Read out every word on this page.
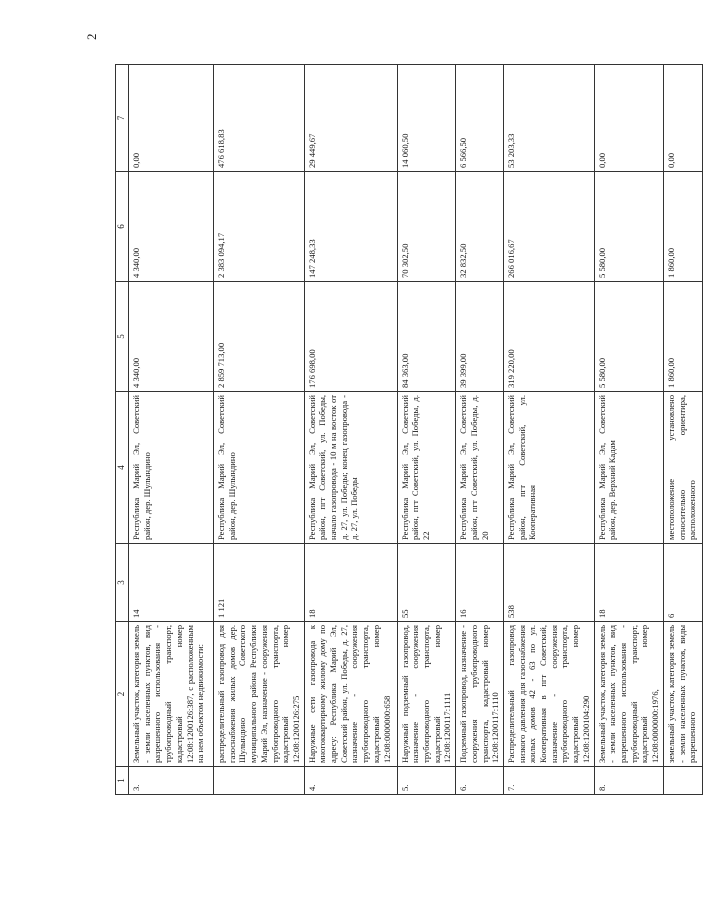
2
1	2	3	4	5	6	7
3.	Земельный участок, категория земель - земли населенных пунктов, вид разрешенного использования - трубопроводный транспорт, кадастровый номер 12:08:1200126:387, с расположенным на нем объектом недвижимости:	14	Республика Марий Эл, Советский район, дер. Шулындино	4 340,00	4 340,00	0,00
	распределительный газопровод для газоснабжения жилых домов дер. Шулындино Советского муниципального района Республики Марий Эл, назначение - сооружения трубопроводного транспорта, кадастровый номер 12:08:1200126:275	1 121	Республика Марий Эл, Советский район, дер. Шулындино	2 859 713,00	2 383 094,17	476 618,83
4.	Наружные сети газопровода к многоквартирному жилому дому по адресу: Республика Марий Эл, Советский район, ул. Победы, д. 27, назначение - сооружения трубопроводного транспорта, кадастровый номер 12:08:0000000:658	18	Республика Марий Эл, Советский район, пгт Советский, ул. Победы, начало газопровода - 10 м на восток от д. 27, ул. Победы; конец газопровода - д. 27, ул. Победы	176 698,00	147 248,33	29 449,67
5.	Наружный подземный газопровод, назначение - сооружения трубопроводного транспорта, кадастровый номер 12:08:1200117:1111	55	Республика Марий Эл, Советский район, пгт Советский, ул. Победы, д. 22	84 363,00	70 302,50	14 060,50
6.	Подземный газопровод, назначение - сооружения трубопроводного транспорта, кадастровый номер 12:08:1200117:1110	16	Республика Марий Эл, Советский район, пгт Советский, ул. Победы, д. 20	39 399,00	32 832,50	6 566,50
7.	Распределительный газопровод низкого давления для газоснабжения жилых домов 42 - 63 по ул. Кооперативная в пгт Советский, назначение - сооружения трубопроводного транспорта, кадастровый номер 12:08:1200104:290	538	Республика Марий Эл, Советский район, пгт Советский, ул. Кооперативная	319 220,00	266 016,67	53 203,33
8.	Земельный участок, категория земель - земли населенных пунктов, вид разрешенного использования - трубопроводный транспорт, кадастровый номер 12:08:0000000:1976,	18	Республика Марий Эл, Советский район, дер. Верхний Кадам	5 580,00	5 580,00	0,00
	земельный участок, категория земель - земли населенных пунктов, виды разрешенного	6	местоположение установлено относительно ориентира, расположенного	1 860,00	1 860,00	0,00
